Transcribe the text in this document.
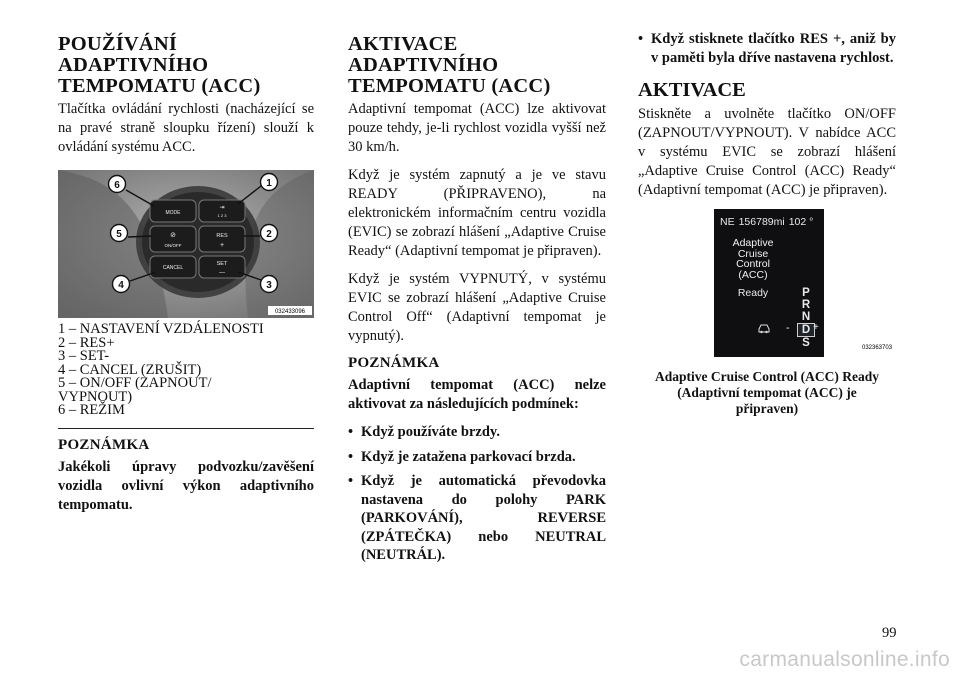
POUŽÍVÁNÍ
ADAPTIVNÍHO
TEMPOMATU (ACC)

Tlačítka ovládání rychlosti (nacházející se na pravé straně sloupku řízení) slouží k ovládání systému ACC.

MODE
⇥
1 2 3
⊘
ON/OFF
RES
+
CANCEL
SET
—
6	1
5	2
4	3
032433096
1 – NASTAVENÍ VZDÁLENOSTI
2 – RES+
3 – SET-
4 – CANCEL (ZRUŠIT)
5 – ON/OFF (ZAPNOUT/
VYPNOUT)
6 – REŽIM
POZNÁMKA

Jakékoli úpravy podvozku/zavěšení vozidla ovlivní výkon adaptivního tempomatu.

AKTIVACE
ADAPTIVNÍHO
TEMPOMATU (ACC)

Adaptivní tempomat (ACC) lze aktivovat pouze tehdy, je-li rychlost vozidla vyšší než 30 km/h.

Když je systém zapnutý a je ve stavu READY (PŘIPRAVENO), na elektronickém informačním centru vozidla (EVIC) se zobrazí hlášení „Adaptive Cruise Ready“ (Adaptivní tempomat je připraven).

Když je systém VYPNUTÝ, v systému EVIC se zobrazí hlášení „Adaptive Cruise Control Off“ (Adaptivní tempomat je vypnutý).

POZNÁMKA

Adaptivní tempomat (ACC) nelze aktivovat za následujících podmínek:

• Když používáte brzdy.
• Když je zatažena parkovací brzda.
• Když je automatická převodovka nastavena do polohy PARK (PARKOVÁNÍ), REVERSE (ZPÁTEČKA) nebo NEUTRAL (NEUTRÁL).
• Když stisknete tlačítko RES +, aniž by v paměti byla dříve nastavena rychlost.
AKTIVACE

Stiskněte a uvolněte tlačítko ON/OFF (ZAPNOUT/VYPNOUT). V nabídce ACC v systému EVIC se zobrazí hlášení „Adaptive Cruise Control (ACC) Ready“ (Adaptivní tempomat (ACC) je připraven).

NE 156789mi 102 °
Adaptive
Cruise
Control
(ACC)
Ready	P
R
N
D
S
- +
032363703
Adaptive Cruise Control (ACC) Ready
(Adaptivní tempomat (ACC) je
připraven)
99
carmanualsonline.info
